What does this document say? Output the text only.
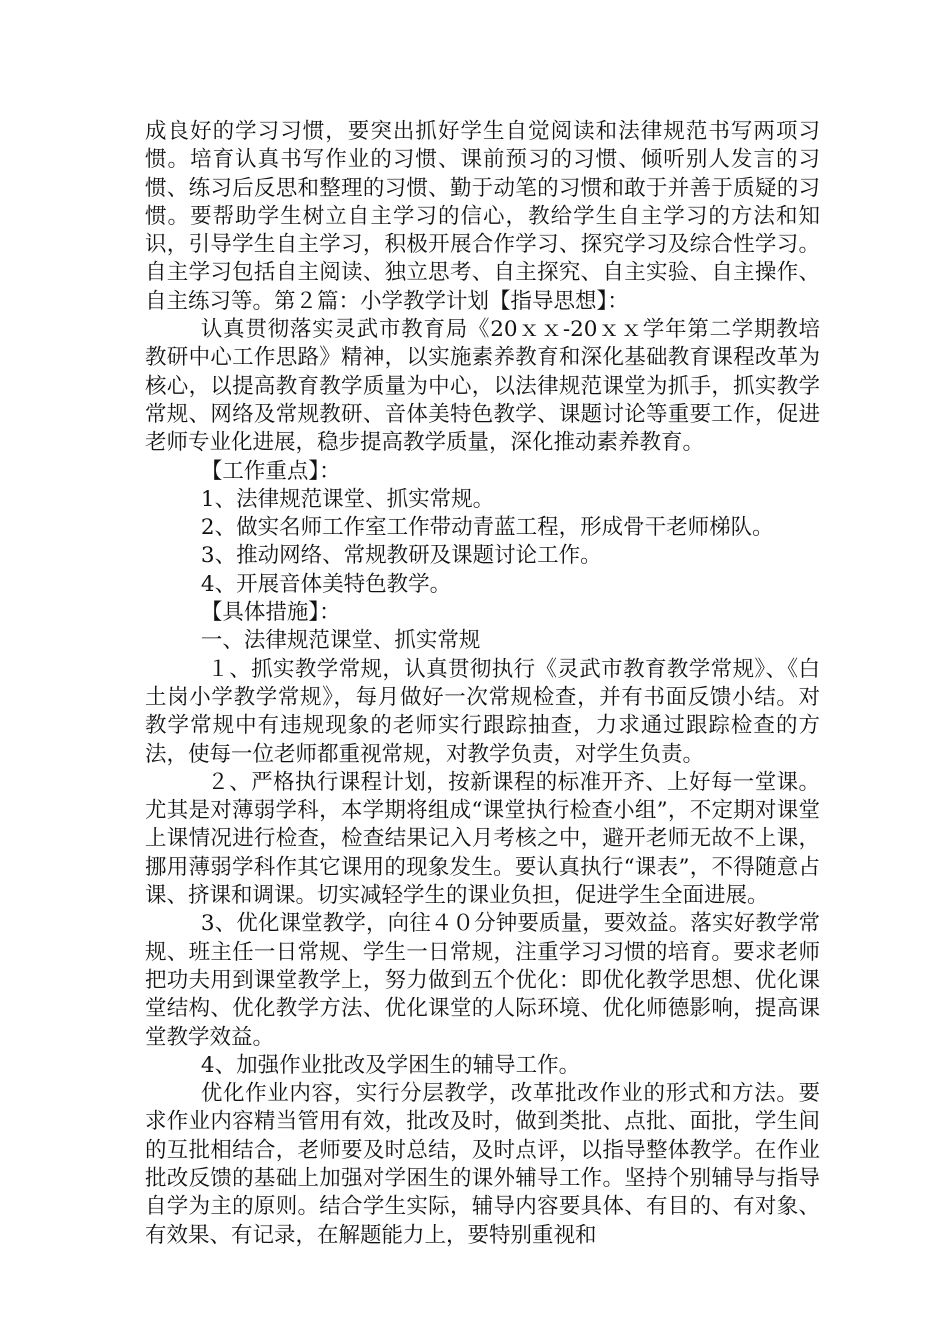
成良好的学习习惯，要突出抓好学生自觉阅读和法律规范书写两项习惯。培育认真书写作业的习惯、课前预习的习惯、倾听别人发言的习惯、练习后反思和整理的习惯、勤于动笔的习惯和敢于并善于质疑的习惯。要帮助学生树立自主学习的信心，教给学生自主学习的方法和知识，引导学生自主学习，积极开展合作学习、探究学习及综合性学习。自主学习包括自主阅读、独立思考、自主探究、自主实验、自主操作、自主练习等。第２篇：小学教学计划【指导思想】：

认真贯彻落实灵武市教育局《20ｘｘ-20ｘｘ学年第二学期教培教研中心工作思路》精神，以实施素养教育和深化基础教育课程改革为核心，以提高教育教学质量为中心，以法律规范课堂为抓手，抓实教学常规、网络及常规教研、音体美特色教学、课题讨论等重要工作，促进老师专业化进展，稳步提高教学质量，深化推动素养教育。

【工作重点】：

1、法律规范课堂、抓实常规。

2、做实名师工作室工作带动青蓝工程，形成骨干老师梯队。

3、推动网络、常规教研及课题讨论工作。

4、开展音体美特色教学。

【具体措施】：

一、法律规范课堂、抓实常规

１、抓实教学常规，认真贯彻执行《灵武市教育教学常规》、《白土岗小学教学常规》，每月做好一次常规检查，并有书面反馈小结。对教学常规中有违规现象的老师实行跟踪抽查，力求通过跟踪检查的方法，使每一位老师都重视常规，对教学负责，对学生负责。

２、严格执行课程计划，按新课程的标准开齐、上好每一堂课。尤其是对薄弱学科，本学期将组成“课堂执行检查小组”，不定期对课堂上课情况进行检查，检查结果记入月考核之中，避开老师无故不上课，挪用薄弱学科作其它课用的现象发生。要认真执行“课表”，不得随意占课、挤课和调课。切实减轻学生的课业负担，促进学生全面进展。

3、优化课堂教学，向往４０分钟要质量，要效益。落实好教学常规、班主任一日常规、学生一日常规，注重学习习惯的培育。要求老师把功夫用到课堂教学上，努力做到五个优化：即优化教学思想、优化课堂结构、优化教学方法、优化课堂的人际环境、优化师德影响，提高课堂教学效益。

4、加强作业批改及学困生的辅导工作。

优化作业内容，实行分层教学，改革批改作业的形式和方法。要求作业内容精当管用有效，批改及时，做到类批、点批、面批，学生间的互批相结合，老师要及时总结，及时点评，以指导整体教学。在作业批改反馈的基础上加强对学困生的课外辅导工作。坚持个别辅导与指导自学为主的原则。结合学生实际，辅导内容要具体、有目的、有对象、有效果、有记录，在解题能力上，要特别重视和
